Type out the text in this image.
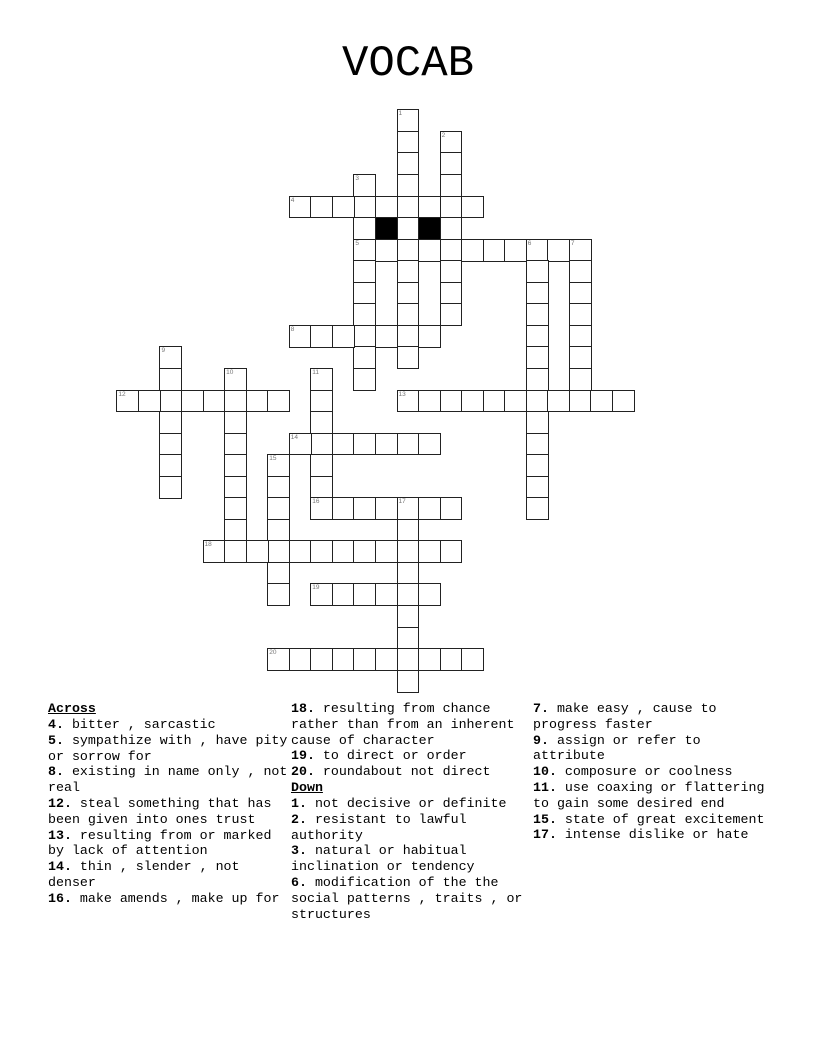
VOCAB
1
2
3
5
4
6	7
8
9
10	11
16
12	13
14
15
17
18
19
20
Across
4. bitter , sarcastic
5. sympathize with , have pity or sorrow for
8. existing in name only , not real
12. steal something that has been given into ones trust
13. resulting from or marked by lack of attention
14. thin , slender , not denser
16. make amends , make up for
18. resulting from chance rather than from an inherent cause of character
19. to direct or order
20. roundabout not direct
Down
1. not decisive or definite
2. resistant to lawful authority
3. natural or habitual inclination or tendency
6. modification of the the social patterns , traits , or structures
7. make easy , cause to progress faster
9. assign or refer to attribute
10. composure or coolness
11. use coaxing or flattering to gain some desired end
15. state of great excitement
17. intense dislike or hate
